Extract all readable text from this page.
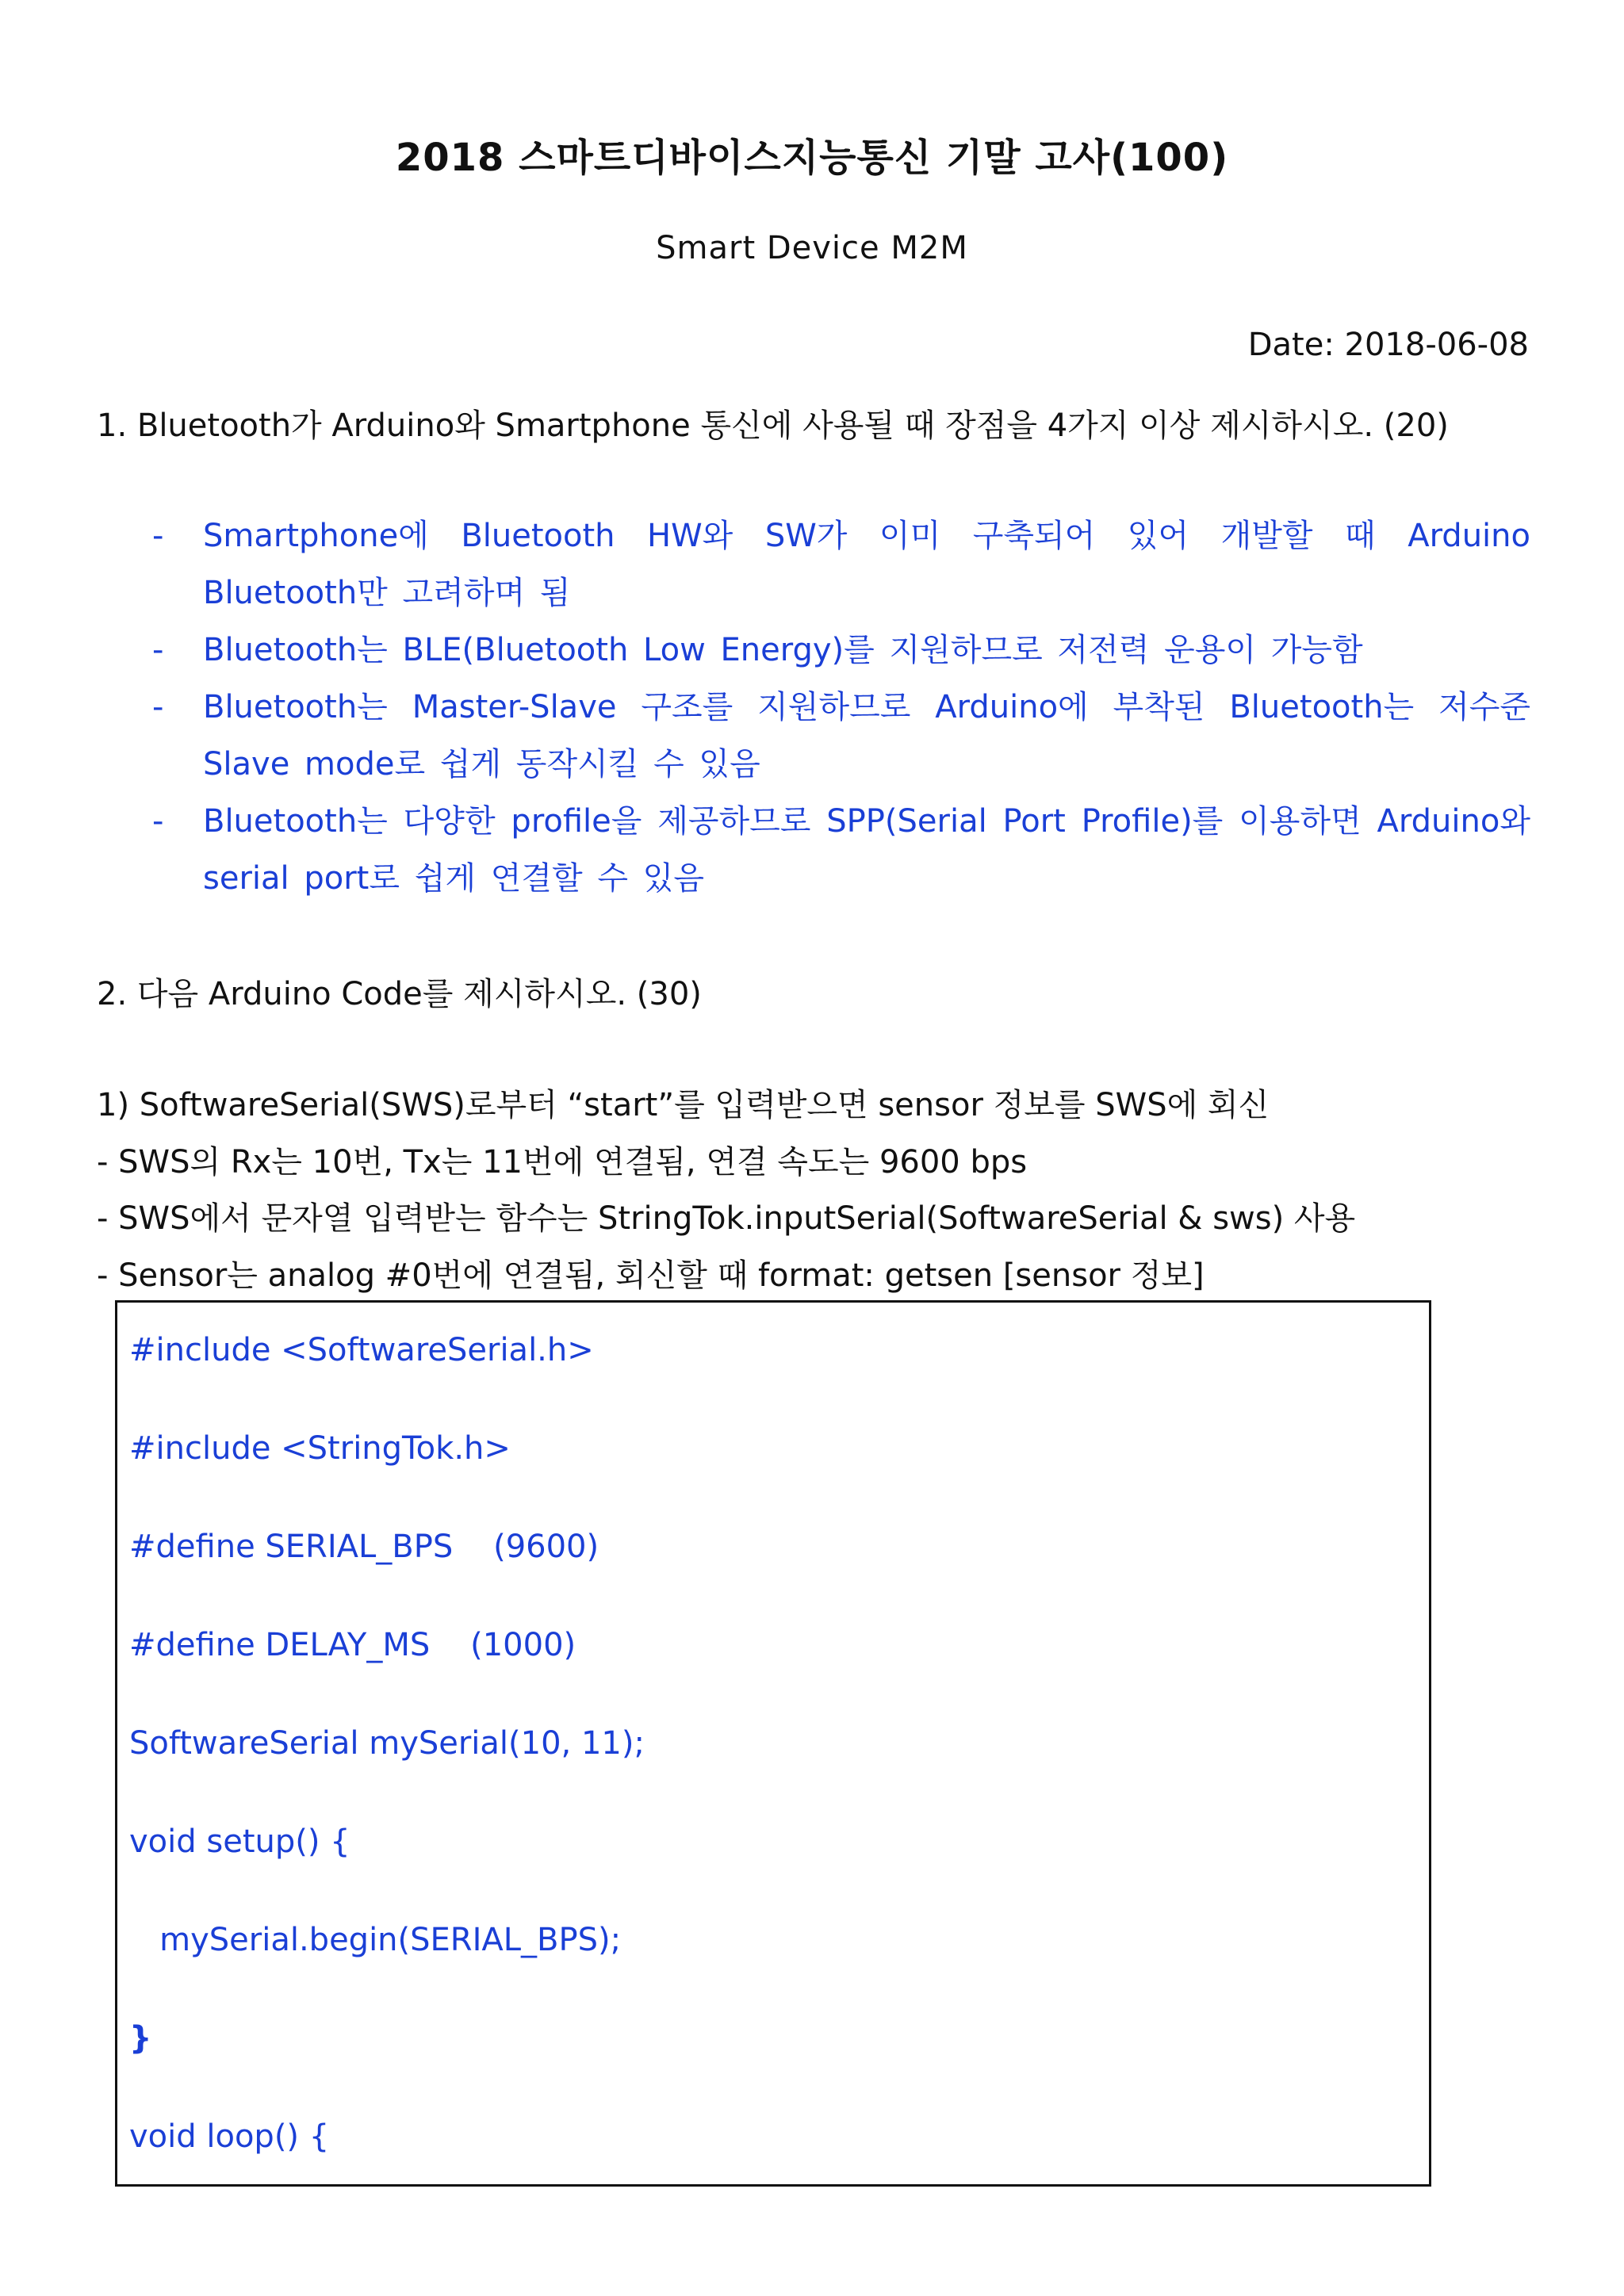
2018 스마트디바이스지능통신 기말 고사(100)
Smart Device M2M
Date: 2018-06-08
1. Bluetooth가 Arduino와 Smartphone 통신에 사용될 때 장점을 4가지 이상 제시하시오. (20)
- Smartphone에 Bluetooth HW와 SW가 이미 구축되어 있어 개발할 때 Arduino Bluetooth만 고려하며 됨
- Bluetooth는 BLE(Bluetooth Low Energy)를 지원하므로 저전력 운용이 가능함
- Bluetooth는 Master-Slave 구조를 지원하므로 Arduino에 부착된 Bluetooth는 저수준 Slave mode로 쉽게 동작시킬 수 있음
- Bluetooth는 다양한 profile을 제공하므로 SPP(Serial Port Profile)를 이용하면 Arduino와 serial port로 쉽게 연결할 수 있음
2. 다음 Arduino Code를 제시하시오. (30)
1) SoftwareSerial(SWS)로부터 “start”를 입력받으면 sensor 정보를 SWS에 회신
- SWS의 Rx는 10번, Tx는 11번에 연결됨, 연결 속도는 9600 bps
- SWS에서 문자열 입력받는 함수는 StringTok.inputSerial(SoftwareSerial & sws) 사용
- Sensor는 analog #0번에 연결됨, 회신할 때 format: getsen [sensor 정보]
#include <SoftwareSerial.h>
#include <StringTok.h>
#define SERIAL_BPS    (9600)
#define DELAY_MS    (1000)
SoftwareSerial mySerial(10, 11);
void setup() {
mySerial.begin(SERIAL_BPS);
}
void loop() {
